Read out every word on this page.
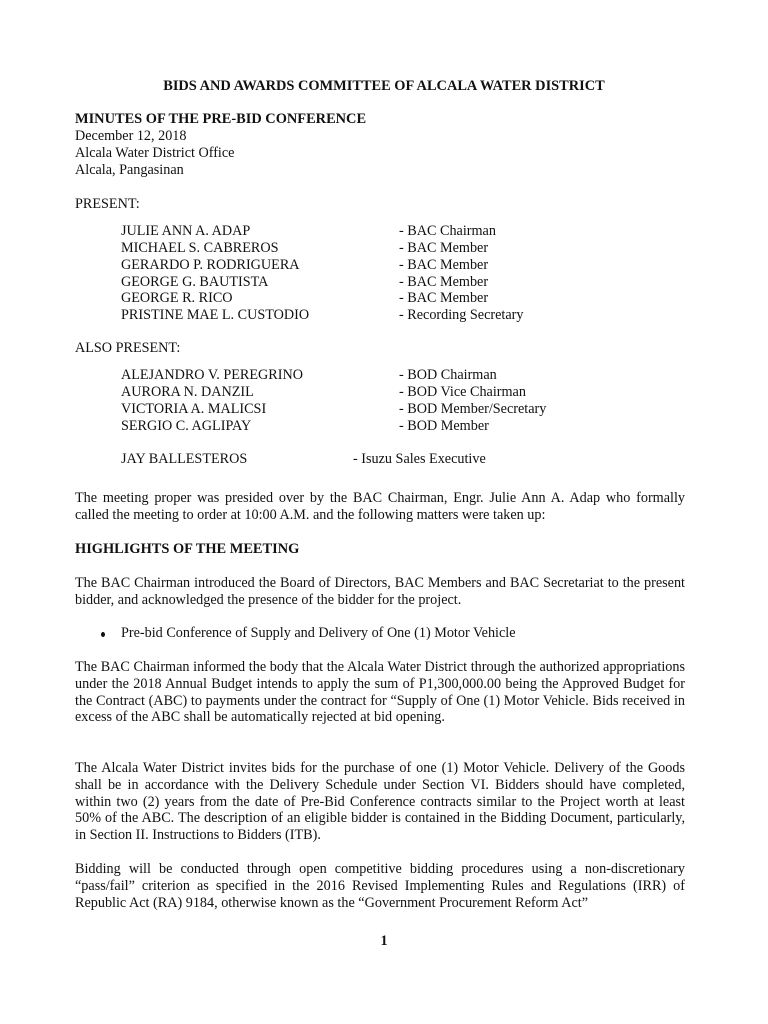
BIDS AND AWARDS COMMITTEE OF ALCALA WATER DISTRICT

MINUTES OF THE PRE-BID CONFERENCE

December 12, 2018

Alcala Water District Office

Alcala, Pangasinan

PRESENT:

JULIE ANN A. ADAP	- BAC Chairman
MICHAEL S. CABREROS	- BAC Member
GERARDO P. RODRIGUERA	- BAC Member
GEORGE G. BAUTISTA	- BAC Member
GEORGE R. RICO	- BAC Member
PRISTINE MAE L. CUSTODIO	- Recording Secretary

ALSO PRESENT:

ALEJANDRO V. PEREGRINO	- BOD Chairman
AURORA N. DANZIL	- BOD Vice Chairman
VICTORIA A. MALICSI	- BOD Member/Secretary
SERGIO C. AGLIPAY	- BOD Member
JAY BALLESTEROS	- Isuzu Sales Executive

The meeting proper was presided over by the BAC Chairman, Engr. Julie Ann A. Adap who formally called the meeting to order at 10:00 A.M. and the following matters were taken up:

HIGHLIGHTS OF THE MEETING

The BAC Chairman introduced the Board of Directors, BAC Members and BAC Secretariat to the present bidder, and acknowledged the presence of the bidder for the project.

Pre-bid Conference of Supply and Delivery of One (1) Motor Vehicle

The BAC Chairman informed the body that the Alcala Water District through the authorized appropriations under the 2018 Annual Budget intends to apply the sum of P1,300,000.00 being the Approved Budget for the Contract (ABC) to payments under the contract for “Supply of One (1) Motor Vehicle. Bids received in excess of the ABC shall be automatically rejected at bid opening.

The Alcala Water District invites bids for the purchase of one (1) Motor Vehicle. Delivery of the Goods shall be in accordance with the Delivery Schedule under Section VI. Bidders should have completed, within two (2) years from the date of Pre-Bid Conference contracts similar to the Project worth at least 50% of the ABC. The description of an eligible bidder is contained in the Bidding Document, particularly, in Section II. Instructions to Bidders (ITB).

Bidding will be conducted through open competitive bidding procedures using a non-discretionary “pass/fail” criterion as specified in the 2016 Revised Implementing Rules and Regulations (IRR) of Republic Act (RA) 9184, otherwise known as the “Government Procurement Reform Act”

1
